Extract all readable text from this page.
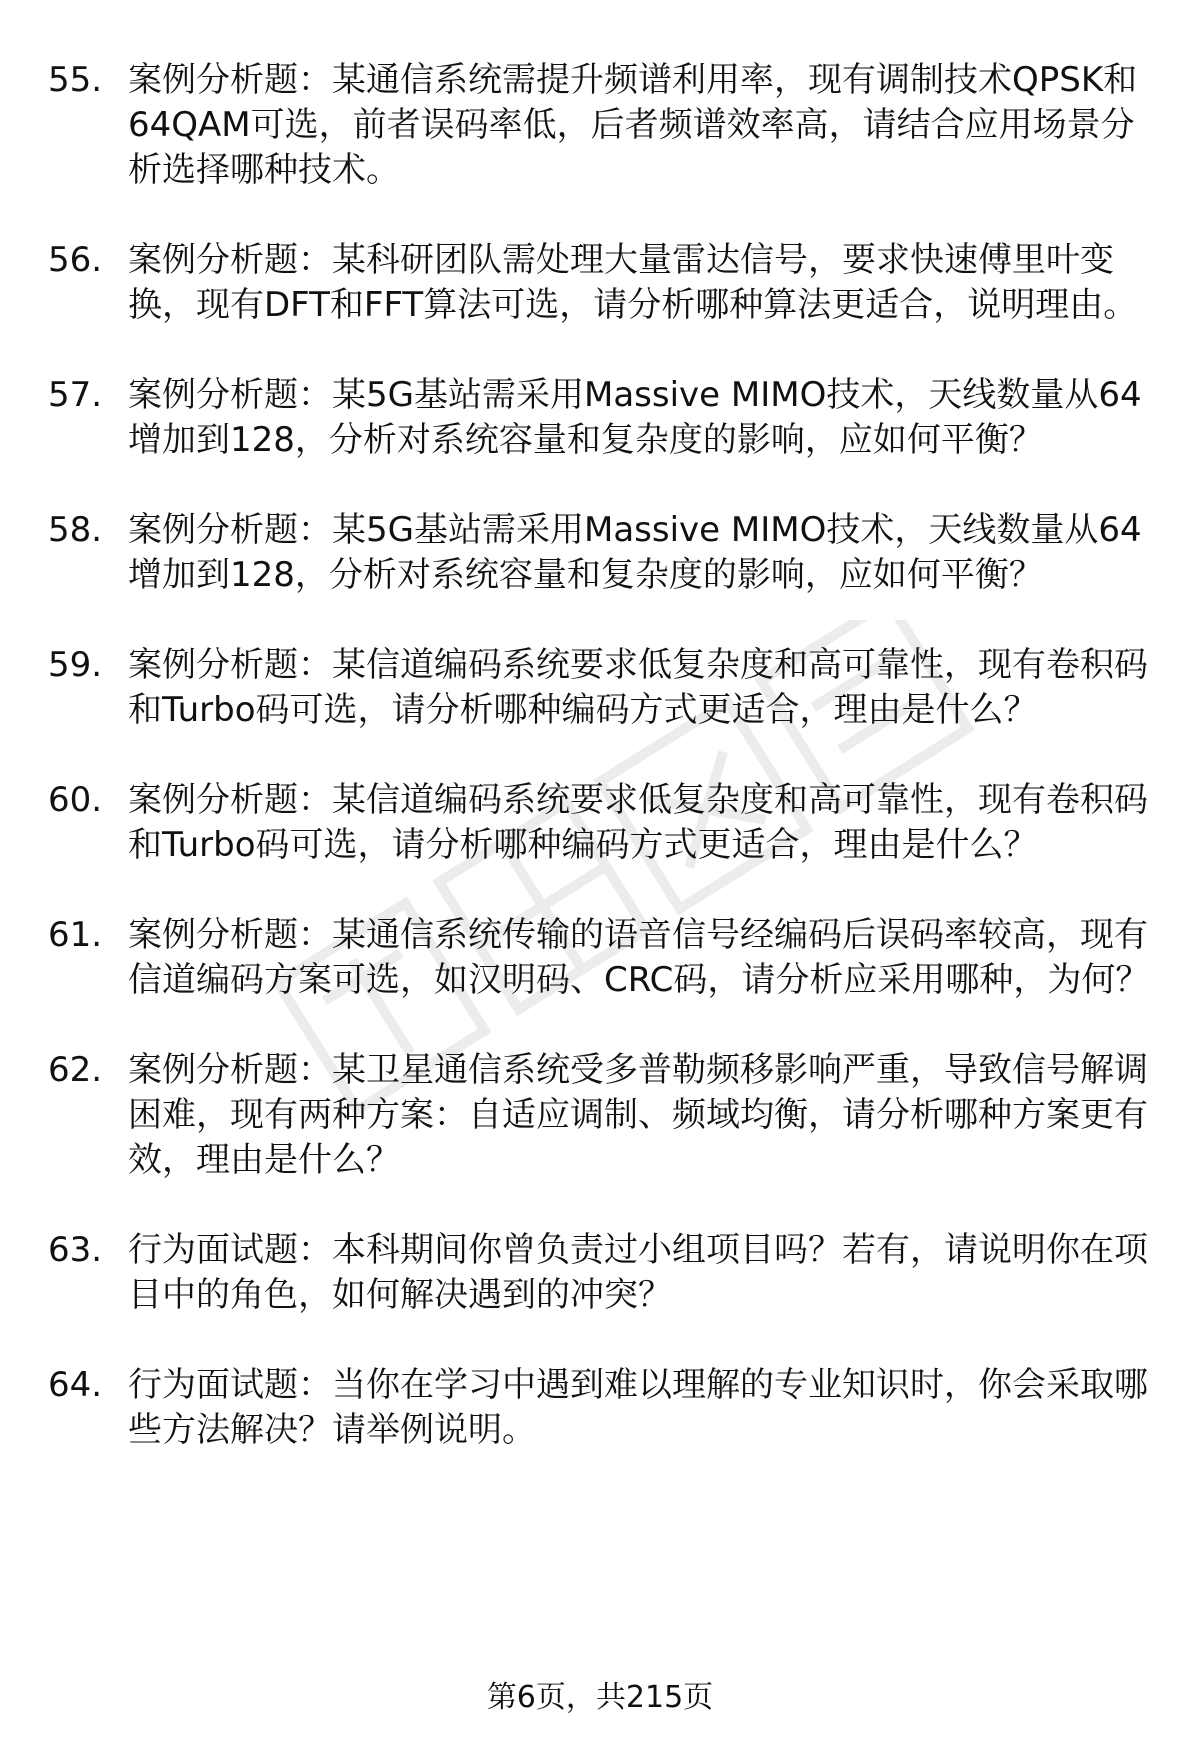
55. 案例分析题：某通信系统需提升频谱利用率，现有调制技术QPSK和64QAM可选，前者误码率低，后者频谱效率高，请结合应用场景分析选择哪种技术。
56. 案例分析题：某科研团队需处理大量雷达信号，要求快速傅里叶变换，现有DFT和FFT算法可选，请分析哪种算法更适合，说明理由。
57. 案例分析题：某5G基站需采用Massive MIMO技术，天线数量从64增加到128，分析对系统容量和复杂度的影响，应如何平衡？
58. 案例分析题：某5G基站需采用Massive MIMO技术，天线数量从64增加到128，分析对系统容量和复杂度的影响，应如何平衡？
59. 案例分析题：某信道编码系统要求低复杂度和高可靠性，现有卷积码和Turbo码可选，请分析哪种编码方式更适合，理由是什么？
60. 案例分析题：某信道编码系统要求低复杂度和高可靠性，现有卷积码和Turbo码可选，请分析哪种编码方式更适合，理由是什么？
61. 案例分析题：某通信系统传输的语音信号经编码后误码率较高，现有信道编码方案可选，如汉明码、CRC码，请分析应采用哪种，为何？
62. 案例分析题：某卫星通信系统受多普勒频移影响严重，导致信号解调困难，现有两种方案：自适应调制、频域均衡，请分析哪种方案更有效，理由是什么？
63. 行为面试题：本科期间你曾负责过小组项目吗？若有，请说明你在项目中的角色，如何解决遇到的冲突？
64. 行为面试题：当你在学习中遇到难以理解的专业知识时，你会采取哪些方法解决？请举例说明。
第6页，共215页
